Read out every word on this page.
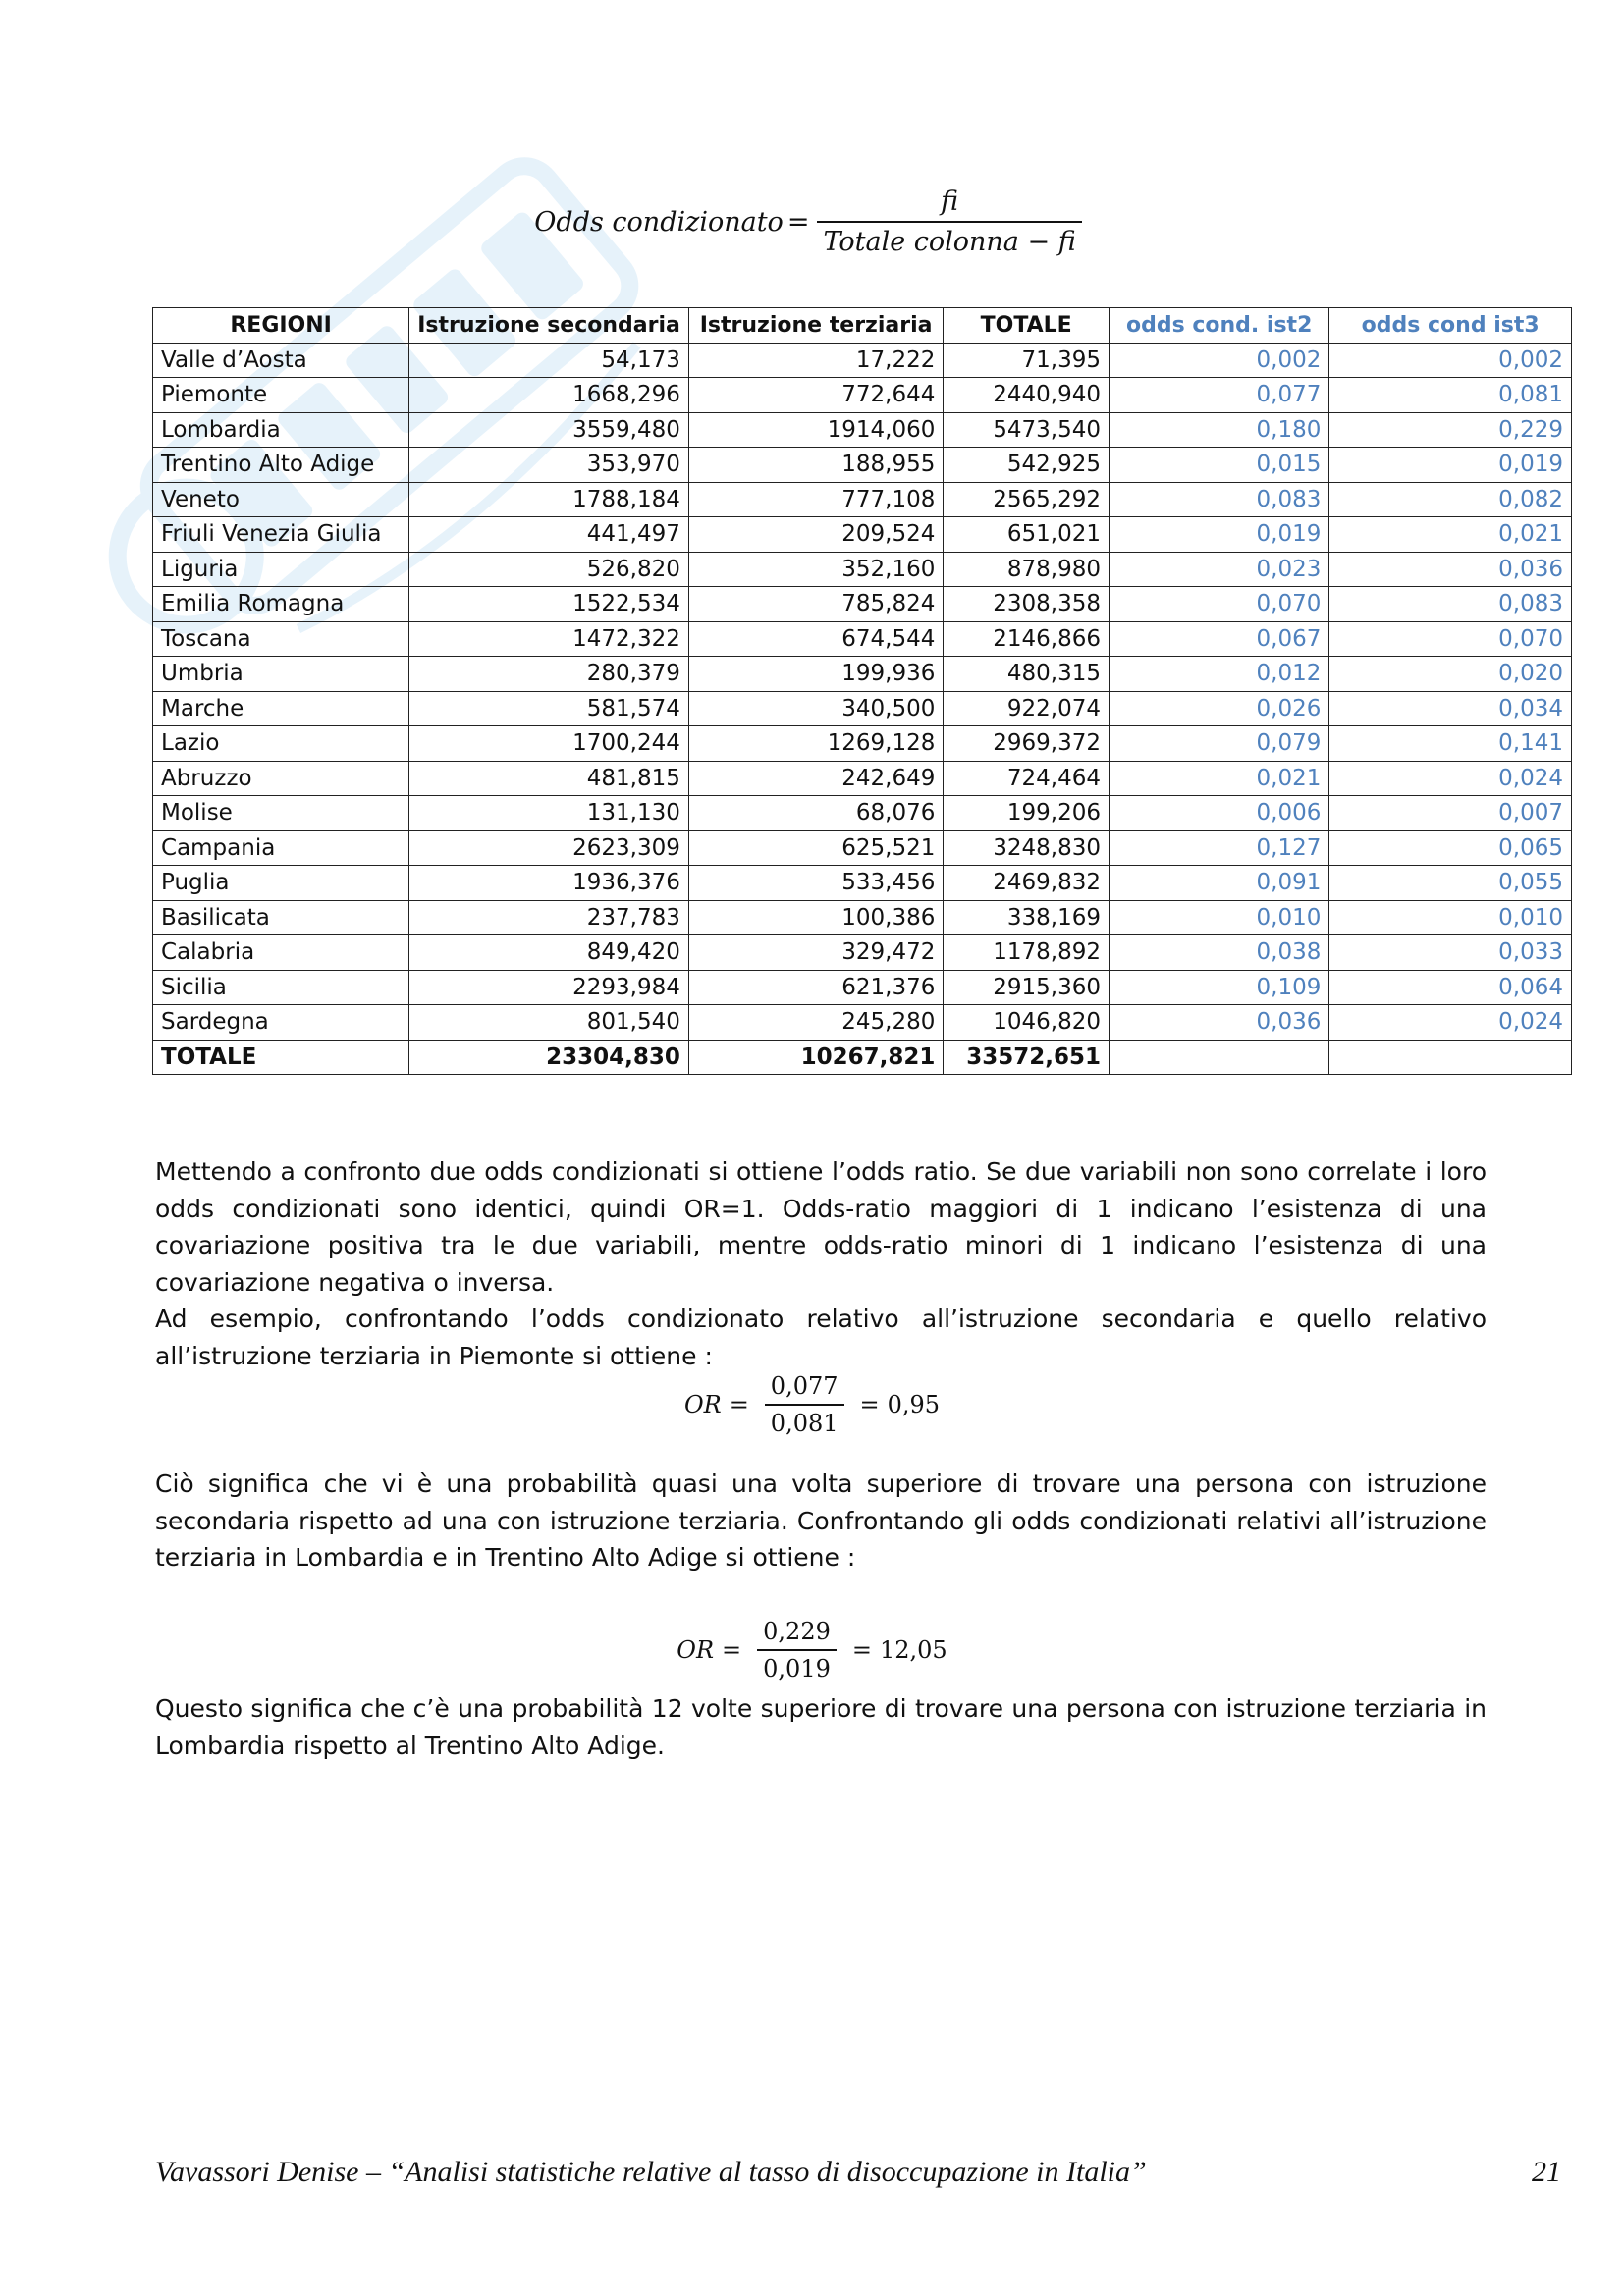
Odds condizionato = $\frac{fi}{\text{Totale colonna − fi}}$
REGIONI	Istruzione secondaria	Istruzione terziaria	TOTALE	odds cond. ist2	odds cond ist3
Valle d’Aosta	54,173	17,222	71,395	0,002	0,002
Piemonte	1668,296	772,644	2440,940	0,077	0,081
Lombardia	3559,480	1914,060	5473,540	0,180	0,229
Trentino Alto Adige	353,970	188,955	542,925	0,015	0,019
Veneto	1788,184	777,108	2565,292	0,083	0,082
Friuli Venezia Giulia	441,497	209,524	651,021	0,019	0,021
Liguria	526,820	352,160	878,980	0,023	0,036
Emilia Romagna	1522,534	785,824	2308,358	0,070	0,083
Toscana	1472,322	674,544	2146,866	0,067	0,070
Umbria	280,379	199,936	480,315	0,012	0,020
Marche	581,574	340,500	922,074	0,026	0,034
Lazio	1700,244	1269,128	2969,372	0,079	0,141
Abruzzo	481,815	242,649	724,464	0,021	0,024
Molise	131,130	68,076	199,206	0,006	0,007
Campania	2623,309	625,521	3248,830	0,127	0,065
Puglia	1936,376	533,456	2469,832	0,091	0,055
Basilicata	237,783	100,386	338,169	0,010	0,010
Calabria	849,420	329,472	1178,892	0,038	0,033
Sicilia	2293,984	621,376	2915,360	0,109	0,064
Sardegna	801,540	245,280	1046,820	0,036	0,024
TOTALE	23304,830	10267,821	33572,651		
Mettendo a confronto due odds condizionati si ottiene l’odds ratio. Se due variabili non sono correlate i loro odds condizionati sono identici, quindi OR=1. Odds-ratio maggiori di 1 indicano l’esistenza di una covariazione positiva tra le due variabili, mentre odds-ratio minori di 1 indicano l’esistenza di una covariazione negativa o inversa.
Ad esempio, confrontando l’odds condizionato relativo all’istruzione secondaria e quello relativo all’istruzione terziaria in Piemonte si ottiene :
OR = $\frac{0,077}{0,081} = 0,95$
Ciò significa che vi è una probabilità quasi una volta superiore di trovare una persona con istruzione secondaria rispetto ad una con istruzione terziaria. Confrontando gli odds condizionati relativi all’istruzione terziaria in Lombardia e in Trentino Alto Adige si ottiene :
OR = $\frac{0,229}{0,019} = 12,05$
Questo significa che c’è una probabilità 12 volte superiore di trovare una persona con istruzione terziaria in Lombardia rispetto al Trentino Alto Adige.
Vavassori Denise – “Analisi statistiche relative al tasso di disoccupazione in Italia”	21
